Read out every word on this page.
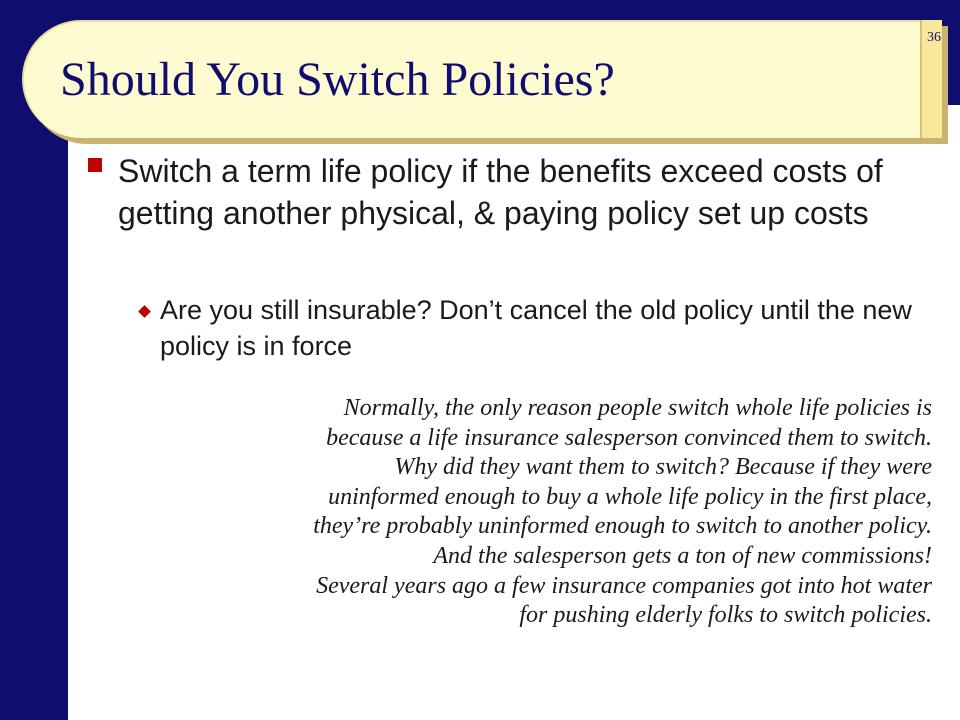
36
Should You Switch Policies?
Switch a term life policy if the benefits exceed costs of getting another physical, & paying policy set up costs
Are you still insurable? Don’t cancel the old policy until the new policy is in force
Normally, the only reason people switch whole life policies is
because a life insurance salesperson convinced them to switch.
Why did they want them to switch? Because if they were
uninformed enough to buy a whole life policy in the first place,
they’re probably uninformed enough to switch to another policy.
And the salesperson gets a ton of new commissions!
Several years ago a few insurance companies got into hot water
for pushing elderly folks to switch policies.
